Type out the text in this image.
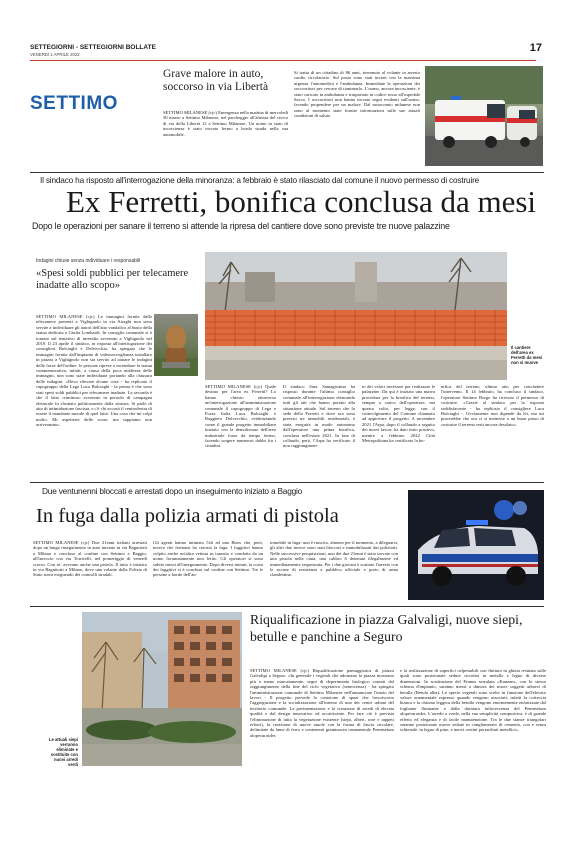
SETTEGIORNI - SETTEGIORNI BOLLATE
VENERDÌ 1 APRILE 2022
17
SETTIMO
Grave malore in auto, soccorso in via Libertà
SETTIMO MILANESE (cjc) Emergenza nella mattina di mercoledì 30 marzo a Settimo Milanese, nel parcheggio all'altezza del civico di via della Libertà 12 a Settimo Milanese. Un uomo in stato di incoscienza è stato trovato fermo a bordo strada nella sua automobile.
Si tratta di un cittadino di 86 anni, rinvenuto al volante in arresto cardio circolatorio. Sul posto sono stati inviati con la massima urgenza l'automedica e l'ambulanza. Immediate le operazioni dei soccorritori per cercare di rianimarlo. L'uomo, ancora incosciente, è stato caricato in ambulanza e trasportato in codice rosso all'ospedale Sacco. I soccorritori non hanno trovato segni evidenti sull'uomo, facendo propendere per un malore. Dal nosocomio milanese non sono al momento state fornite informazioni sulle sue attuali condizioni di salute.
Il sindaco ha risposto all'interrogazione della minoranza: a febbraio è stato rilasciato dal comune il nuovo permesso di costruire
Ex Ferretti, bonifica conclusa da mesi
Dopo le operazioni per sanare il terreno si attende la ripresa del cantiere dove sono previste tre nuove palazzine
Indagini chiuse senza individuare i responsabili
«Spesi soldi pubblici per telecamere inadatte allo scopo»
SETTIMO MILANESE (cjc) Le immagini fornite dalle telecamere presenti a Vighignolo in via Airaghi non sono servite a individuare gli autori dell'atto vandalico al busto della statua dedicata a Giulia Lombardi. In consiglio comunale si è tornato sul tentativo di incendio avvenuto a Vighignolo nel 2019. Il 23 aprile il sindaco, in risposta all'interrogazione dei consiglieri Bulciaghi e Delvecchio, ha spiegato che le immagini fornite dall'impianto di videosorveglianza installato in piazza a Vighignolo non sia servito ad aiutare le indagini delle forze dell'ordine: le persone riprese a incendiare la statua commemorativa, infatti, a causa della poca nitidezza delle immagini, non sono state individuate portando alla chiusura delle indagini. «Devo rilevare alcune cose - ha replicato il capogruppo della Lega Luca Bulciaghi - la prima è che sono stati spesi soldi pubblici per telecamere inadatte. La seconda è che il fatto criminoso avvenuto in periodo di campagna elettorale fu sfruttato politicamente dalla sinistra. Si parlò di atto di intimidazione fascista, e c'è chi accusò il centrodestra di essere il mandante morale di quel fatto. Una cosa che mi colpì molto. Mi aspetterei delle scuse, ma sappiamo non arriveranno».
Il cantiere dell'area ex Ferretti da mesi non si muove
SETTIMO MILANESE (cjc) Quale destino per l'area ex Ferretti? Lo hanno chiesto attraverso un'interrogazione all'amministrazione comunale il capogruppo di Lega e Forza Italia Luca Bulciaghi e Ruggiero Delvecchio, evidenziando come il grande progetto immobiliare iniziato con la demolizione dell'area industriale fosse da tempo fermo, facendo sorgere numerosi dubbi fra i cittadini.
Il sindaco Sara Santagostino ha risposto durante l'ultimo consiglio comunale all'interrogazione elencando tutti gli atti che hanno portato alla situazione attuale. Sul terreno che fa sede della Ferretti e dove ora sono previsti tre immobili residenziali, è stata eseguita in modo autonomo dall'operatore una prima bonifica, conclusa nell'estate 2021. In fase di collaudo, però, l'Arpa ha verificato il non raggiungimen-
to dei valori necessari per realizzare le palazzine. Da qui è iniziato una nuova procedura per la bonifica del terreno, sempre a carico dell'operatore, ma questa volta, per legge, con il coinvolgimento del Comune chiamato ad approvare il progetto. A novembre 2021 l'Arpa, dopo il collaudo a seguito dei nuovi lavori, ha dato esito positivo, mentre a febbraio 2022 Città Metropolitana ha certificato la bo-
nifica del terreno, ultimo atto per concludere l'intervento. Il 14 febbraio, ha concluso il sindaco, l'operatore Settimo Borgo ha ricevuto il permesso di costruire. «Grazie al sindaco per la risposta soddisfacente - ha replicato il consigliere Luca Bulciaghi -. Ovviamente non dipende da lei, ma mi piacerebbe che ora ci si mettesse a un buon passo di costruire il terreno resti ancora desolato».
Due ventunenni bloccati e arrestati dopo un inseguimento iniziato a Baggio
In fuga dalla polizia armati di pistola
SETTIMO MILANESE (cjc) Due 21enni italiani arrestati dopo un lungo inseguimento in auto iniziato in via Baguttotti a Milano e concluso al confine con Settimo e Baggio, all'incrocio con via Torricelli, nel pomeriggio di venerdì scorso. Con sé, avevano anche una pistola. Il tutto è iniziato in via Baguttotti a Milano, dove una volante della Polizia di Stato stava eseguendo dei controlli stradali.
Gli agenti hanno intimato l'alt ad una Bmw che, però, invece che fermarsi ha cercato la fuga. I fuggitivi hanno colpito anche un'altra vettura in transito e condotta da un uomo fortunatamente non ferito. Gli operatori si sono subito messi all'inseguimento. Dopo diversi minuti, la corsa dei fuggitivi si è conclusa sul confine con Settimo. Tre le persone a bordo dell'au-
tomobile in fuga: uno è riuscito, almeno per il momento, a dileguarsi, gli altri due invece sono stati bloccati e immobilizzati dai poliziotti. Nelle successive perquisizioni, uno dei due 21enni è stato trovato con una pistola nella cinta, una calibro 6 detenuta illegalmente ed immediatamente sequestrata. Per i due giovani è scattato l'arresto con le accuse di resistenza a pubblico ufficiale e porto di arma clandestina.
Le attuali siepi verranno eliminate e sostituite con nuovi arredi verdi
Riqualificazione in piazza Galvaligi, nuove siepi, betulle e panchine a Seguro
SETTIMO MILANESE (cjc) Riqualificazione paesaggistica di piazza Galvaligi a Seguro. «In generale i vegetali che adornano la piazza mostrano più o meno marcatamente, segni di deperimento biologico causati dal raggiungimento della fine del ciclo vegetativo (senescenza) - ha spiegato l'amministrazione comunale di Settimo Milanese nell'annunciare l'inizio dei lavori - Il progetto prevede la creazione di spazi che favoriscono l'aggregazione e la socializzazione all'interno di uno dei centri urbani del territorio comunale. La pavimentazione e la creazione di arredi di elevata qualità e dal design innovativo ed accattivante. Per fare ciò è prevista l'eliminazione di tutta la vegetazione esistente (siepi, alberi, rose e tappeti erbosi), la creazione di nuove aiuole con la forma di fascia circolare, delimitate da lame di ferro e contenenti graminacea ornamentale Pennisetum alopecuroides
e la realizzazione di superfici calpestabili con finitura in ghiaia resinata sulle quali sono posizionate sedute circolari in metallo e legno di diverse dimensioni. In sostituzione del Prunus serrulata «Kanzan», con lo stesso schema d'impianto, saranno messi a dimora dei nuovi soggetti arborei di betulla (Betula alba). Le specie vegetali sono scelte in funzione dell'elevato valore ornamentale espresso quando vengono associati; infatti la corteccia bianca e la chioma leggera della betulla vengono enormemente enfatizzate dal fogliame fluttuante e dalla duratura infiorescenza del Pennisetum alopecuroides. L'arredo a verde, nella sua semplicità compositiva, è di grande effetto ed eleganza e di facile manutenzione. Tra le due stanze triangolari saranno posizionate nuove sedute in conglomerato di cemento, con e senza schienale, in legno di pino, e nuovi cestini portarifiuti metallici».
